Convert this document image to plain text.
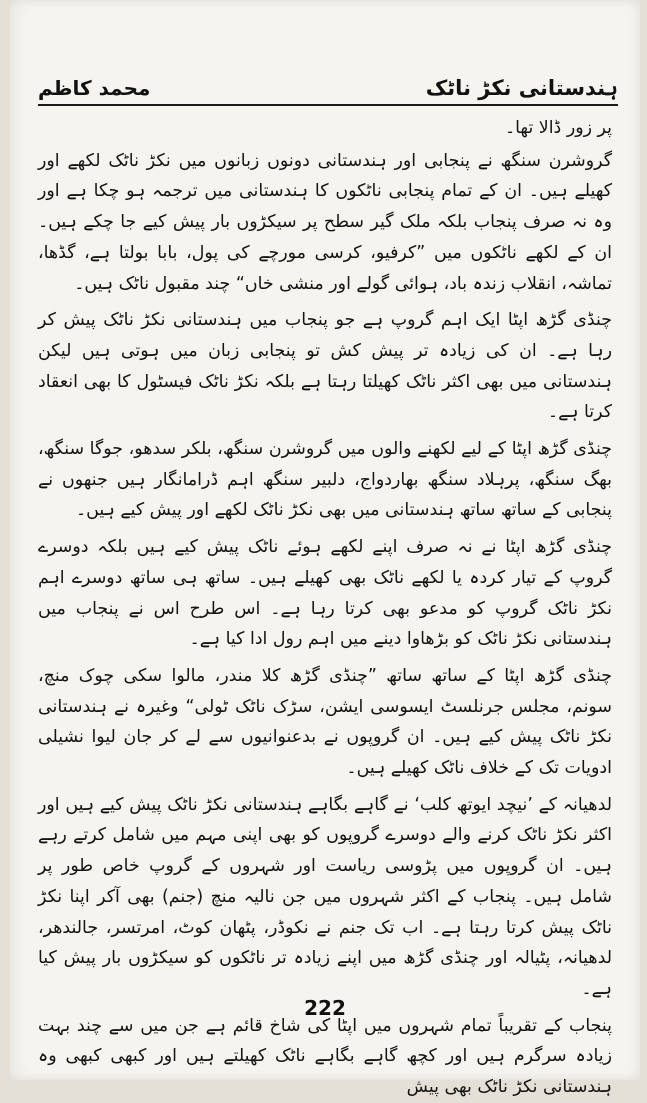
ہندستانی نکڑ ناٹک
محمد کاظم

پر زور ڈالا تھا۔

گروشرن سنگھ نے پنجابی اور ہندستانی دونوں زبانوں میں نکڑ ناٹک لکھے اور کھیلے ہیں۔ ان کے تمام پنجابی ناٹکوں کا ہندستانی میں ترجمہ ہو چکا ہے اور وہ نہ صرف پنجاب بلکہ ملک گیر سطح پر سیکڑوں بار پیش کیے جا چکے ہیں۔ ان کے لکھے ناٹکوں میں ”کرفیو، کرسی مورچے کی پول، بابا بولتا ہے، گڈھا، تماشہ، انقلاب زندہ باد، ہوائی گولے اور منشی خاں“ چند مقبول ناٹک ہیں۔

چنڈی گڑھ اپٹا ایک اہم گروپ ہے جو پنجاب میں ہندستانی نکڑ ناٹک پیش کر رہا ہے۔ ان کی زیادہ تر پیش کش تو پنجابی زبان میں ہوتی ہیں لیکن ہندستانی میں بھی اکثر ناٹک کھیلتا رہتا ہے بلکہ نکڑ ناٹک فیسٹول کا بھی انعقاد کرتا ہے۔

چنڈی گڑھ اپٹا کے لیے لکھنے والوں میں گروشرن سنگھ، بلکر سدھو، جوگا سنگھ، بھگ سنگھ، پرہلاد سنگھ بھاردواج، دلبیر سنگھ اہم ڈرامانگار ہیں جنھوں نے پنجابی کے ساتھ ساتھ ہندستانی میں بھی نکڑ ناٹک لکھے اور پیش کیے ہیں۔

چنڈی گڑھ اپٹا نے نہ صرف اپنے لکھے ہوئے ناٹک پیش کیے ہیں بلکہ دوسرے گروپ کے تیار کردہ یا لکھے ناٹک بھی کھیلے ہیں۔ ساتھ ہی ساتھ دوسرے اہم نکڑ ناٹک گروپ کو مدعو بھی کرتا رہا ہے۔ اس طرح اس نے پنجاب میں ہندستانی نکڑ ناٹک کو بڑھاوا دینے میں اہم رول ادا کیا ہے۔

چنڈی گڑھ اپٹا کے ساتھ ساتھ ”چنڈی گڑھ کلا مندر، مالوا سکی چوک منچ، سونم، مجلس جرنلسٹ ایسوسی ایشن، سڑک ناٹک ٹولی“ وغیرہ نے ہندستانی نکڑ ناٹک پیش کیے ہیں۔ ان گروپوں نے بدعنوانیوں سے لے کر جان لیوا نشیلی ادویات تک کے خلاف ناٹک کھیلے ہیں۔

لدھیانہ کے ’نیچد ایوتھ کلب‘ نے گاہے بگاہے ہندستانی نکڑ ناٹک پیش کیے ہیں اور اکثر نکڑ ناٹک کرنے والے دوسرے گروپوں کو بھی اپنی مہم میں شامل کرتے رہے ہیں۔ ان گروپوں میں پڑوسی ریاست اور شہروں کے گروپ خاص طور پر شامل ہیں۔ پنجاب کے اکثر شہروں میں جن نالیہ منچ (جنم) بھی آکر اپنا نکڑ ناٹک پیش کرتا رہتا ہے۔ اب تک جنم نے نکوڈر، پٹھان کوٹ، امرتسر، جالندھر، لدھیانہ، پٹیالہ اور چنڈی گڑھ میں اپنے زیادہ تر ناٹکوں کو سیکڑوں بار پیش کیا ہے۔

پنجاب کے تقریباً تمام شہروں میں اپٹا کی شاخ قائم ہے جن میں سے چند بہت زیادہ سرگرم ہیں اور کچھ گاہے بگاہے ناٹک کھیلتے ہیں اور کبھی کبھی وہ ہندستانی نکڑ ناٹک بھی پیش

222
